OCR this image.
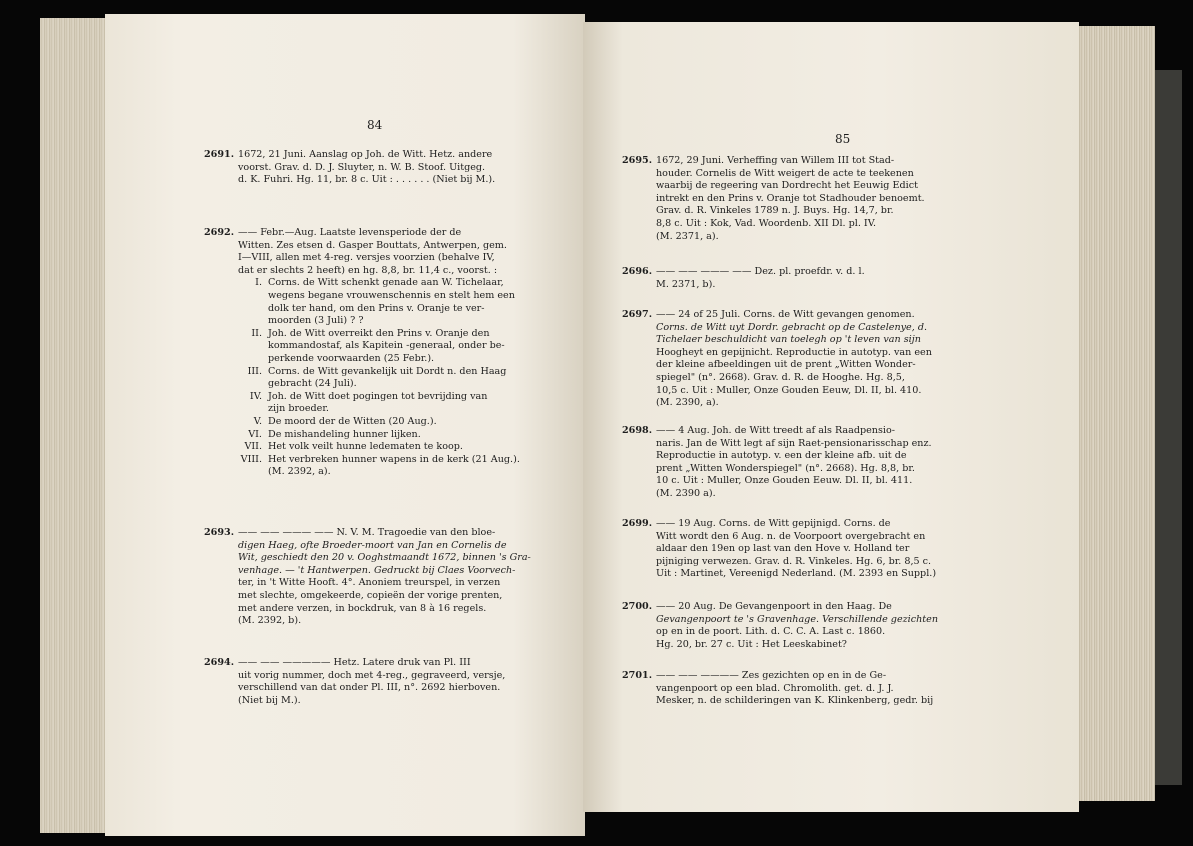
84
2691. 1672, 21 Juni. Aanslag op Joh. de Witt. Hetz. andere
voorst. Grav. d. D. J. Sluyter, n. W. B. Stoof. Uitgeg.
d. K. Fuhri. Hg. 11, br. 8 c. Uit : . . . . . . (Niet bij M.).
2692. —— Febr.—Aug. Laatste levensperiode der de
Witten. Zes etsen d. Gasper Bouttats, Antwerpen, gem.
I—VIII, allen met 4-reg. versjes voorzien (behalve IV,
dat er slechts 2 heeft) en hg. 8,8, br. 11,4 c., voorst. :
I. Corns. de Witt schenkt genade aan W. Tichelaar,
wegens begane vrouwenschennis en stelt hem een
dolk ter hand, om den Prins v. Oranje te ver-
moorden (3 Juli) ? ?
II. Joh. de Witt overreikt den Prins v. Oranje den
kommandostaf, als Kapitein -generaal, onder be-
perkende voorwaarden (25 Febr.).
III. Corns. de Witt gevankelijk uit Dordt n. den Haag
gebracht (24 Juli).
IV. Joh. de Witt doet pogingen tot bevrijding van
zijn broeder.
V. De moord der de Witten (20 Aug.).
VI. De mishandeling hunner lijken.
VII. Het volk veilt hunne ledematen te koop.
VIII. Het verbreken hunner wapens in de kerk (21 Aug.).
(M. 2392, a).
2693. —— —— ——— —— N. V. M. Tragoedie van den bloe-
digen Haeg, ofte Broeder-moort van Jan en Cornelis de
Wit, geschiedt den 20 v. Ooghstmaandt 1672, binnen 's Gra-
venhage. — 't Hantwerpen. Gedruckt bij Claes Voorvech-
ter, in 't Witte Hooft. 4°. Anoniem treurspel, in verzen
met slechte, omgekeerde, copieën der vorige prenten,
met andere verzen, in bockdruk, van 8 à 16 regels.
(M. 2392, b).
2694. —— —— ————— Hetz. Latere druk van Pl. III
uit vorig nummer, doch met 4-reg., gegraveerd, versje,
verschillend van dat onder Pl. III, n°. 2692 hierboven.
(Niet bij M.).
85
2695. 1672, 29 Juni. Verheffing van Willem III tot Stad-
houder. Cornelis de Witt weigert de acte te teekenen
waarbij de regeering van Dordrecht het Eeuwig Edict
intrekt en den Prins v. Oranje tot Stadhouder benoemt.
Grav. d. R. Vinkeles 1789 n. J. Buys. Hg. 14,7, br.
8,8 c. Uit : Kok, Vad. Woordenb. XII Dl. pl. IV.
(M. 2371, a).
2696. —— —— ——— —— Dez. pl. proefdr. v. d. l.
M. 2371, b).
2697. —— 24 of 25 Juli. Corns. de Witt gevangen genomen.
Corns. de Witt uyt Dordr. gebracht op de Castelenye, d.
Tichelaer beschuldicht van toelegh op 't leven van sijn
Hoogheyt en gepijnicht. Reproductie in autotyp. van een
der kleine afbeeldingen uit de prent „Witten Wonder-
spiegel" (n°. 2668). Grav. d. R. de Hooghe. Hg. 8,5,
10,5 c. Uit : Muller, Onze Gouden Eeuw, Dl. II, bl. 410.
(M. 2390, a).
2698. —— 4 Aug. Joh. de Witt treedt af als Raadpensio-
naris. Jan de Witt legt af sijn Raet-pensionarisschap enz.
Reproductie in autotyp. v. een der kleine afb. uit de
prent „Witten Wonderspiegel" (n°. 2668). Hg. 8,8, br.
10 c. Uit : Muller, Onze Gouden Eeuw. Dl. II, bl. 411.
(M. 2390 a).
2699. —— 19 Aug. Corns. de Witt gepijnigd. Corns. de
Witt wordt den 6 Aug. n. de Voorpoort overgebracht en
aldaar den 19en op last van den Hove v. Holland ter
pijniging verwezen. Grav. d. R. Vinkeles. Hg. 6, br. 8,5 c.
Uit : Martinet, Vereenigd Nederland. (M. 2393 en Suppl.)
2700. —— 20 Aug. De Gevangenpoort in den Haag. De
Gevangenpoort te 's Gravenhage. Verschillende gezichten
op en in de poort. Lith. d. C. C. A. Last c. 1860.
Hg. 20, br. 27 c. Uit : Het Leeskabinet?
2701. —— —— ———— Zes gezichten op en in de Ge-
vangenpoort op een blad. Chromolith. get. d. J. J.
Mesker, n. de schilderingen van K. Klinkenberg, gedr. bij
